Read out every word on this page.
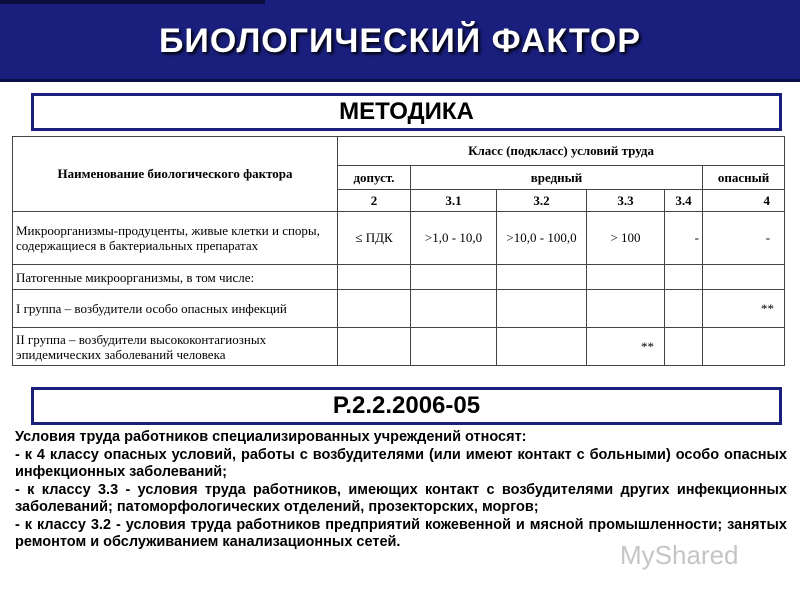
БИОЛОГИЧЕСКИЙ ФАКТОР
МЕТОДИКА
Наименование биологического фактора	Класс (подкласс) условий труда					
	допуст.	вредный				опасный
	2	3.1	3.2	3.3	3.4	4
Микроорганизмы-продуценты, живые клетки и споры, содержащиеся в бактериальных препаратах	≤ ПДК	>1,0 - 10,0	>10,0 - 100,0	> 100	-	-
Патогенные микроорганизмы, в том числе:						
I группа – возбудители особо опасных инфекций						**
II группа – возбудители высококонтагиозных эпидемических заболеваний человека				**		
Р.2.2.2006-05

Условия труда работников специализированных учреждений относят:

- к 4 классу опасных условий, работы с возбудителями (или имеют контакт с больными) особо опасных инфекционных заболеваний;

- к классу 3.3 - условия труда работников, имеющих контакт с возбудителями других инфекционных заболеваний; патоморфологических отделений, прозекторских, моргов;

- к классу 3.2 - условия труда работников предприятий кожевенной и мясной промышленности; занятых ремонтом и обслуживанием канализационных сетей.	MyShared
